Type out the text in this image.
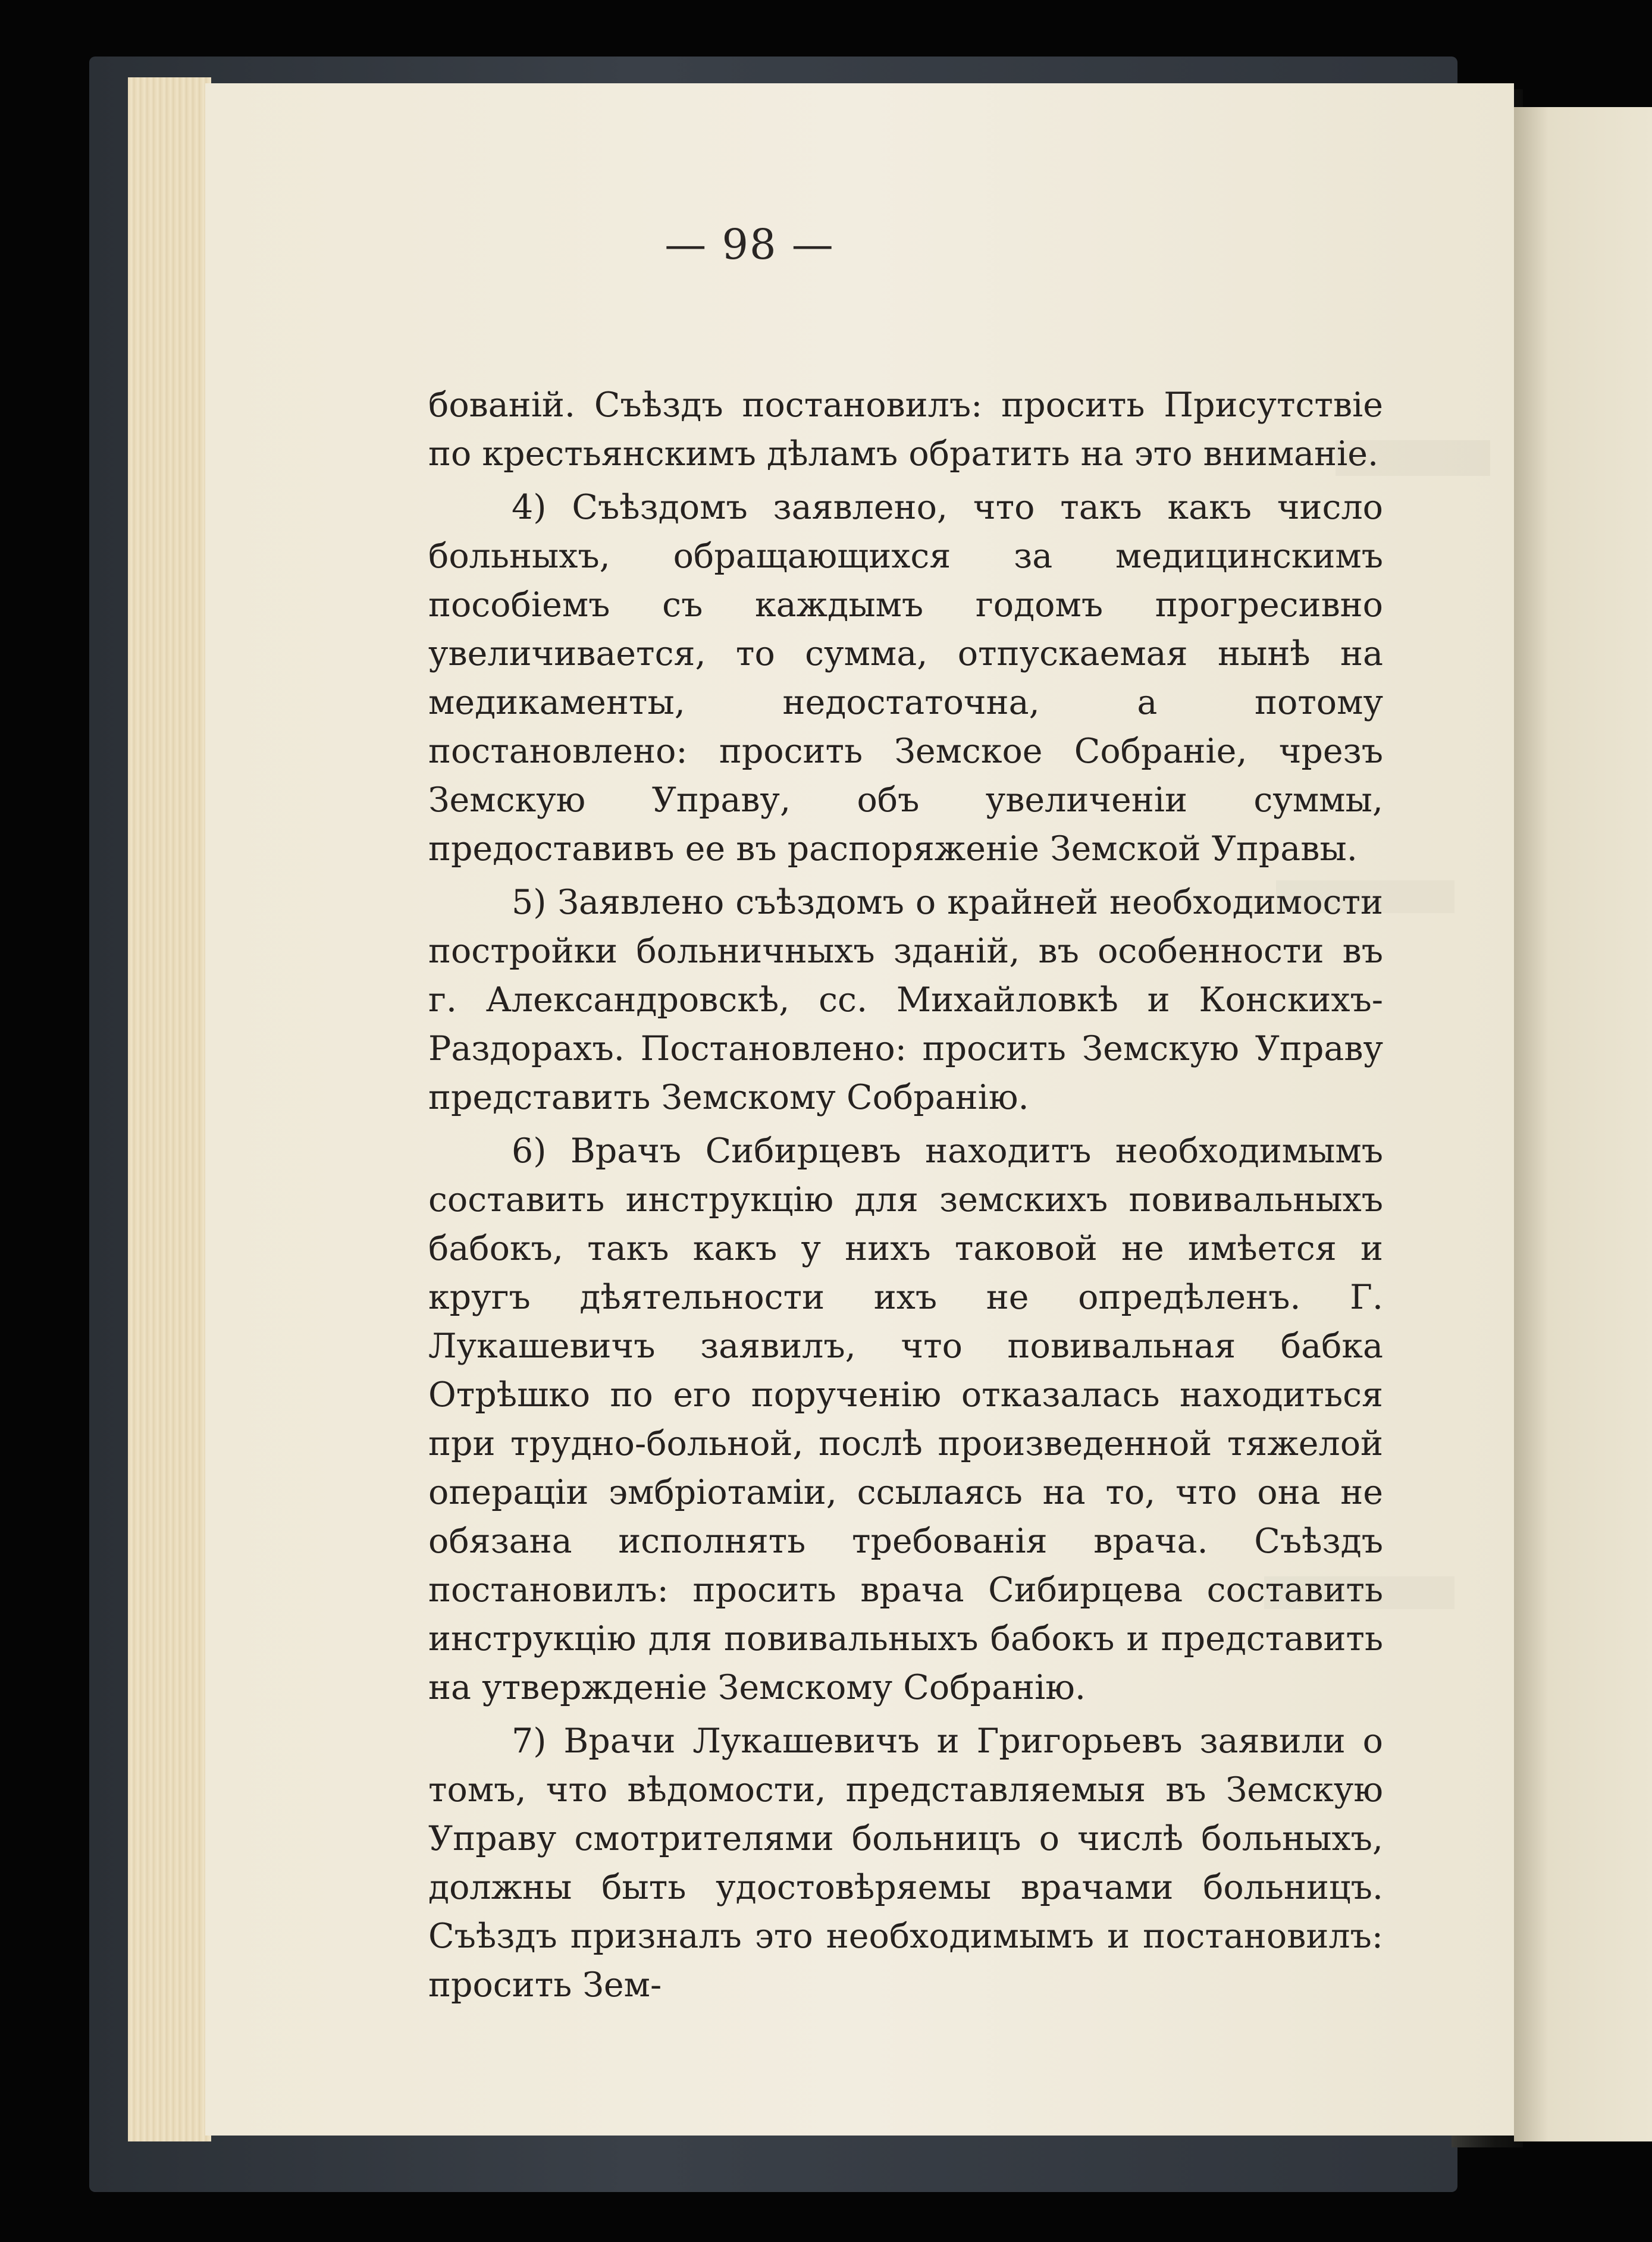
— 98 —

бованій. Съѣздъ постановилъ: просить Присутствіе по крестьянскимъ дѣламъ обратить на это вниманіе.

4) Съѣздомъ заявлено, что такъ какъ число больныхъ, обращающихся за медицинскимъ пособіемъ съ каждымъ годомъ прогресивно увеличивается, то сумма, отпускаемая нынѣ на медикаменты, недостаточна, а потому постановлено: просить Земское Собраніе, чрезъ Земскую Управу, объ увеличеніи суммы, предоставивъ ее въ распоряженіе Земской Управы.

5) Заявлено съѣздомъ о крайней необходимости постройки больничныхъ зданій, въ особенности въ г. Александровскѣ, сс. Михайловкѣ и Конскихъ-Раздорахъ. Постановлено: просить Земскую Управу представить Земскому Собранію.

6) Врачъ Сибирцевъ находитъ необходимымъ составить инструкцію для земскихъ повивальныхъ бабокъ, такъ какъ у нихъ таковой не имѣется и кругъ дѣятельности ихъ не опредѣленъ. Г. Лукашевичъ заявилъ, что повивальная бабка Отрѣшко по его порученію отказалась находиться при трудно-больной, послѣ произведенной тяжелой операціи эмбріотаміи, ссылаясь на то, что она не обязана исполнять требованія врача. Съѣздъ постановилъ: просить врача Сибирцева составить инструкцію для повивальныхъ бабокъ и представить на утвержденіе Земскому Собранію.

7) Врачи Лукашевичъ и Григорьевъ заявили о томъ, что вѣдомости, представляемыя въ Земскую Управу смотрителями больницъ о числѣ больныхъ, должны быть удостовѣряемы врачами больницъ. Съѣздъ призналъ это необходимымъ и постановилъ: просить Зем-
